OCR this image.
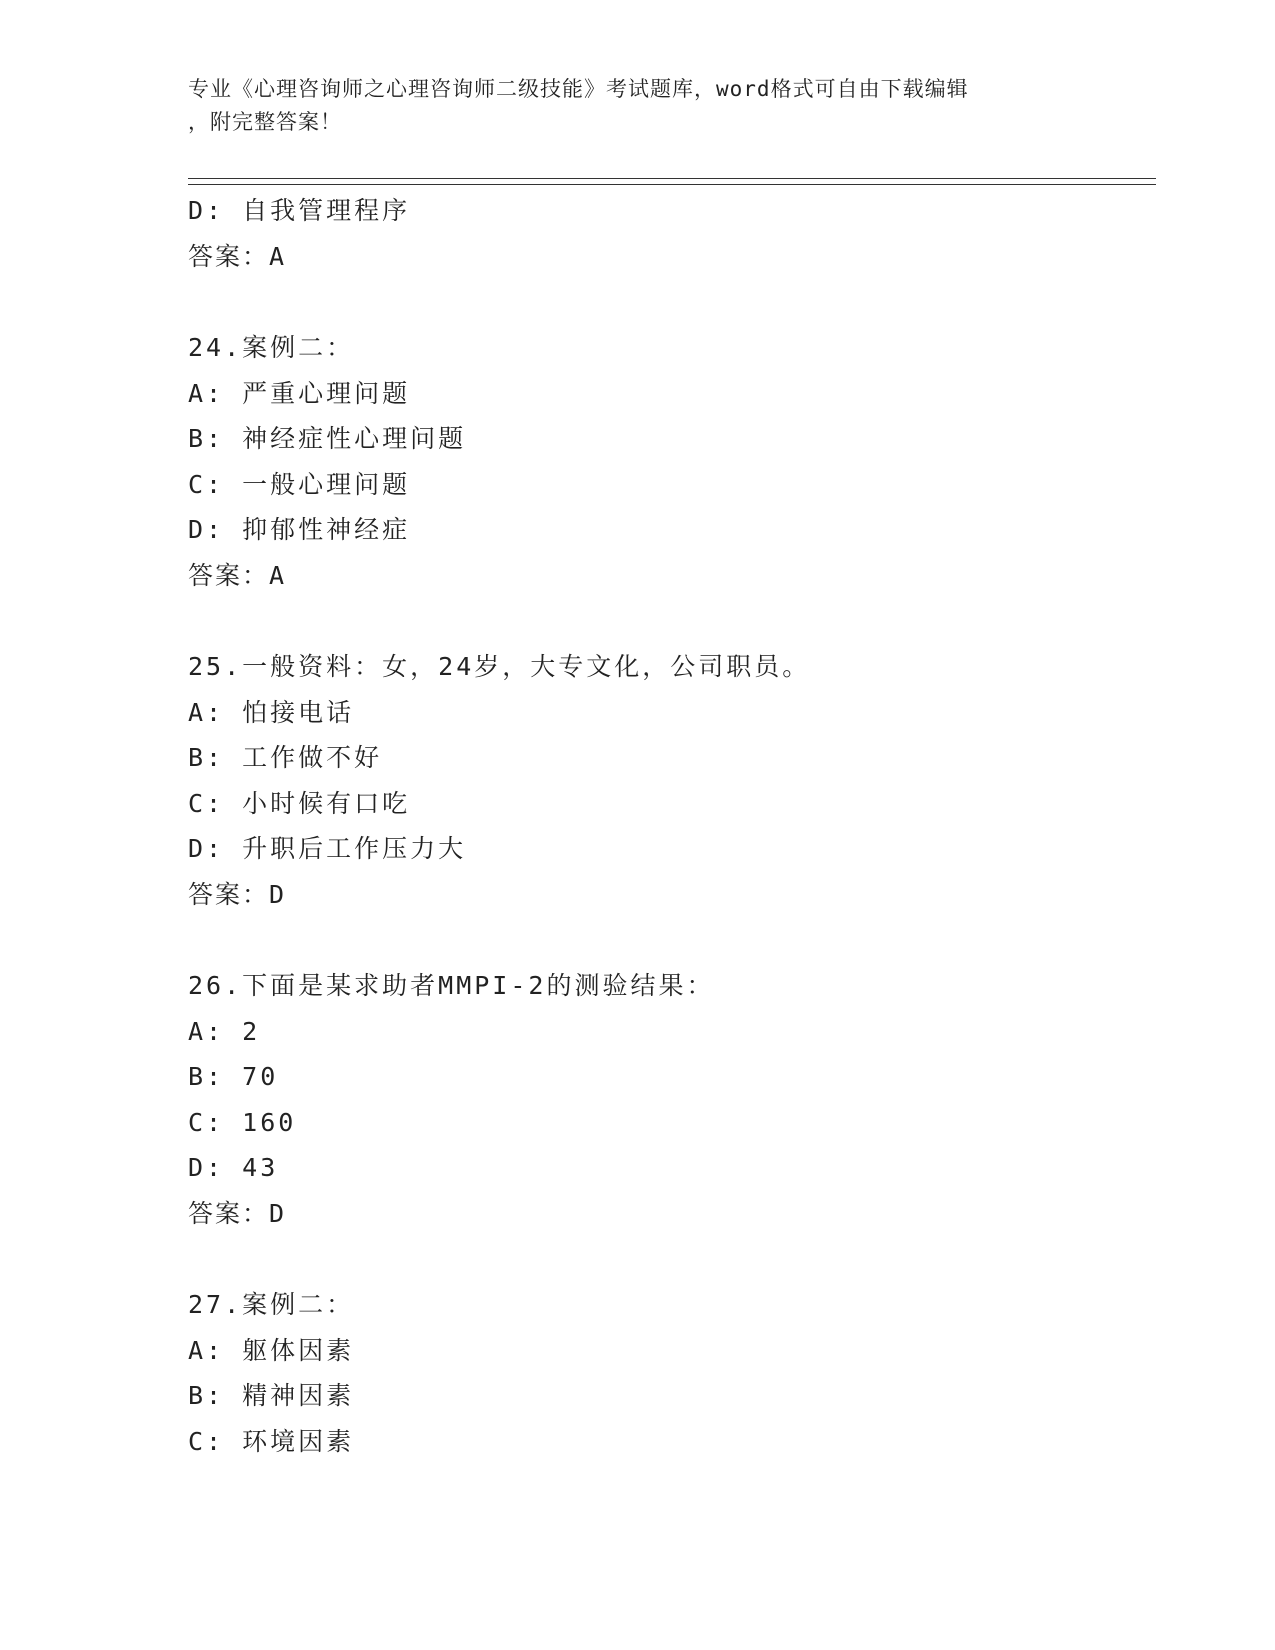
专业《心理咨询师之心理咨询师二级技能》考试题库，word格式可自由下载编辑
，附完整答案！
D: 自我管理程序
答案：A
24.案例二：
A: 严重心理问题
B: 神经症性心理问题
C: 一般心理问题
D: 抑郁性神经症
答案：A
25.一般资料：女，24岁，大专文化，公司职员。
A: 怕接电话
B: 工作做不好
C: 小时候有口吃
D: 升职后工作压力大
答案：D
26.下面是某求助者MMPI-2的测验结果：
A: 2
B: 70
C: 160
D: 43
答案：D
27.案例二：
A: 躯体因素
B: 精神因素
C: 环境因素
